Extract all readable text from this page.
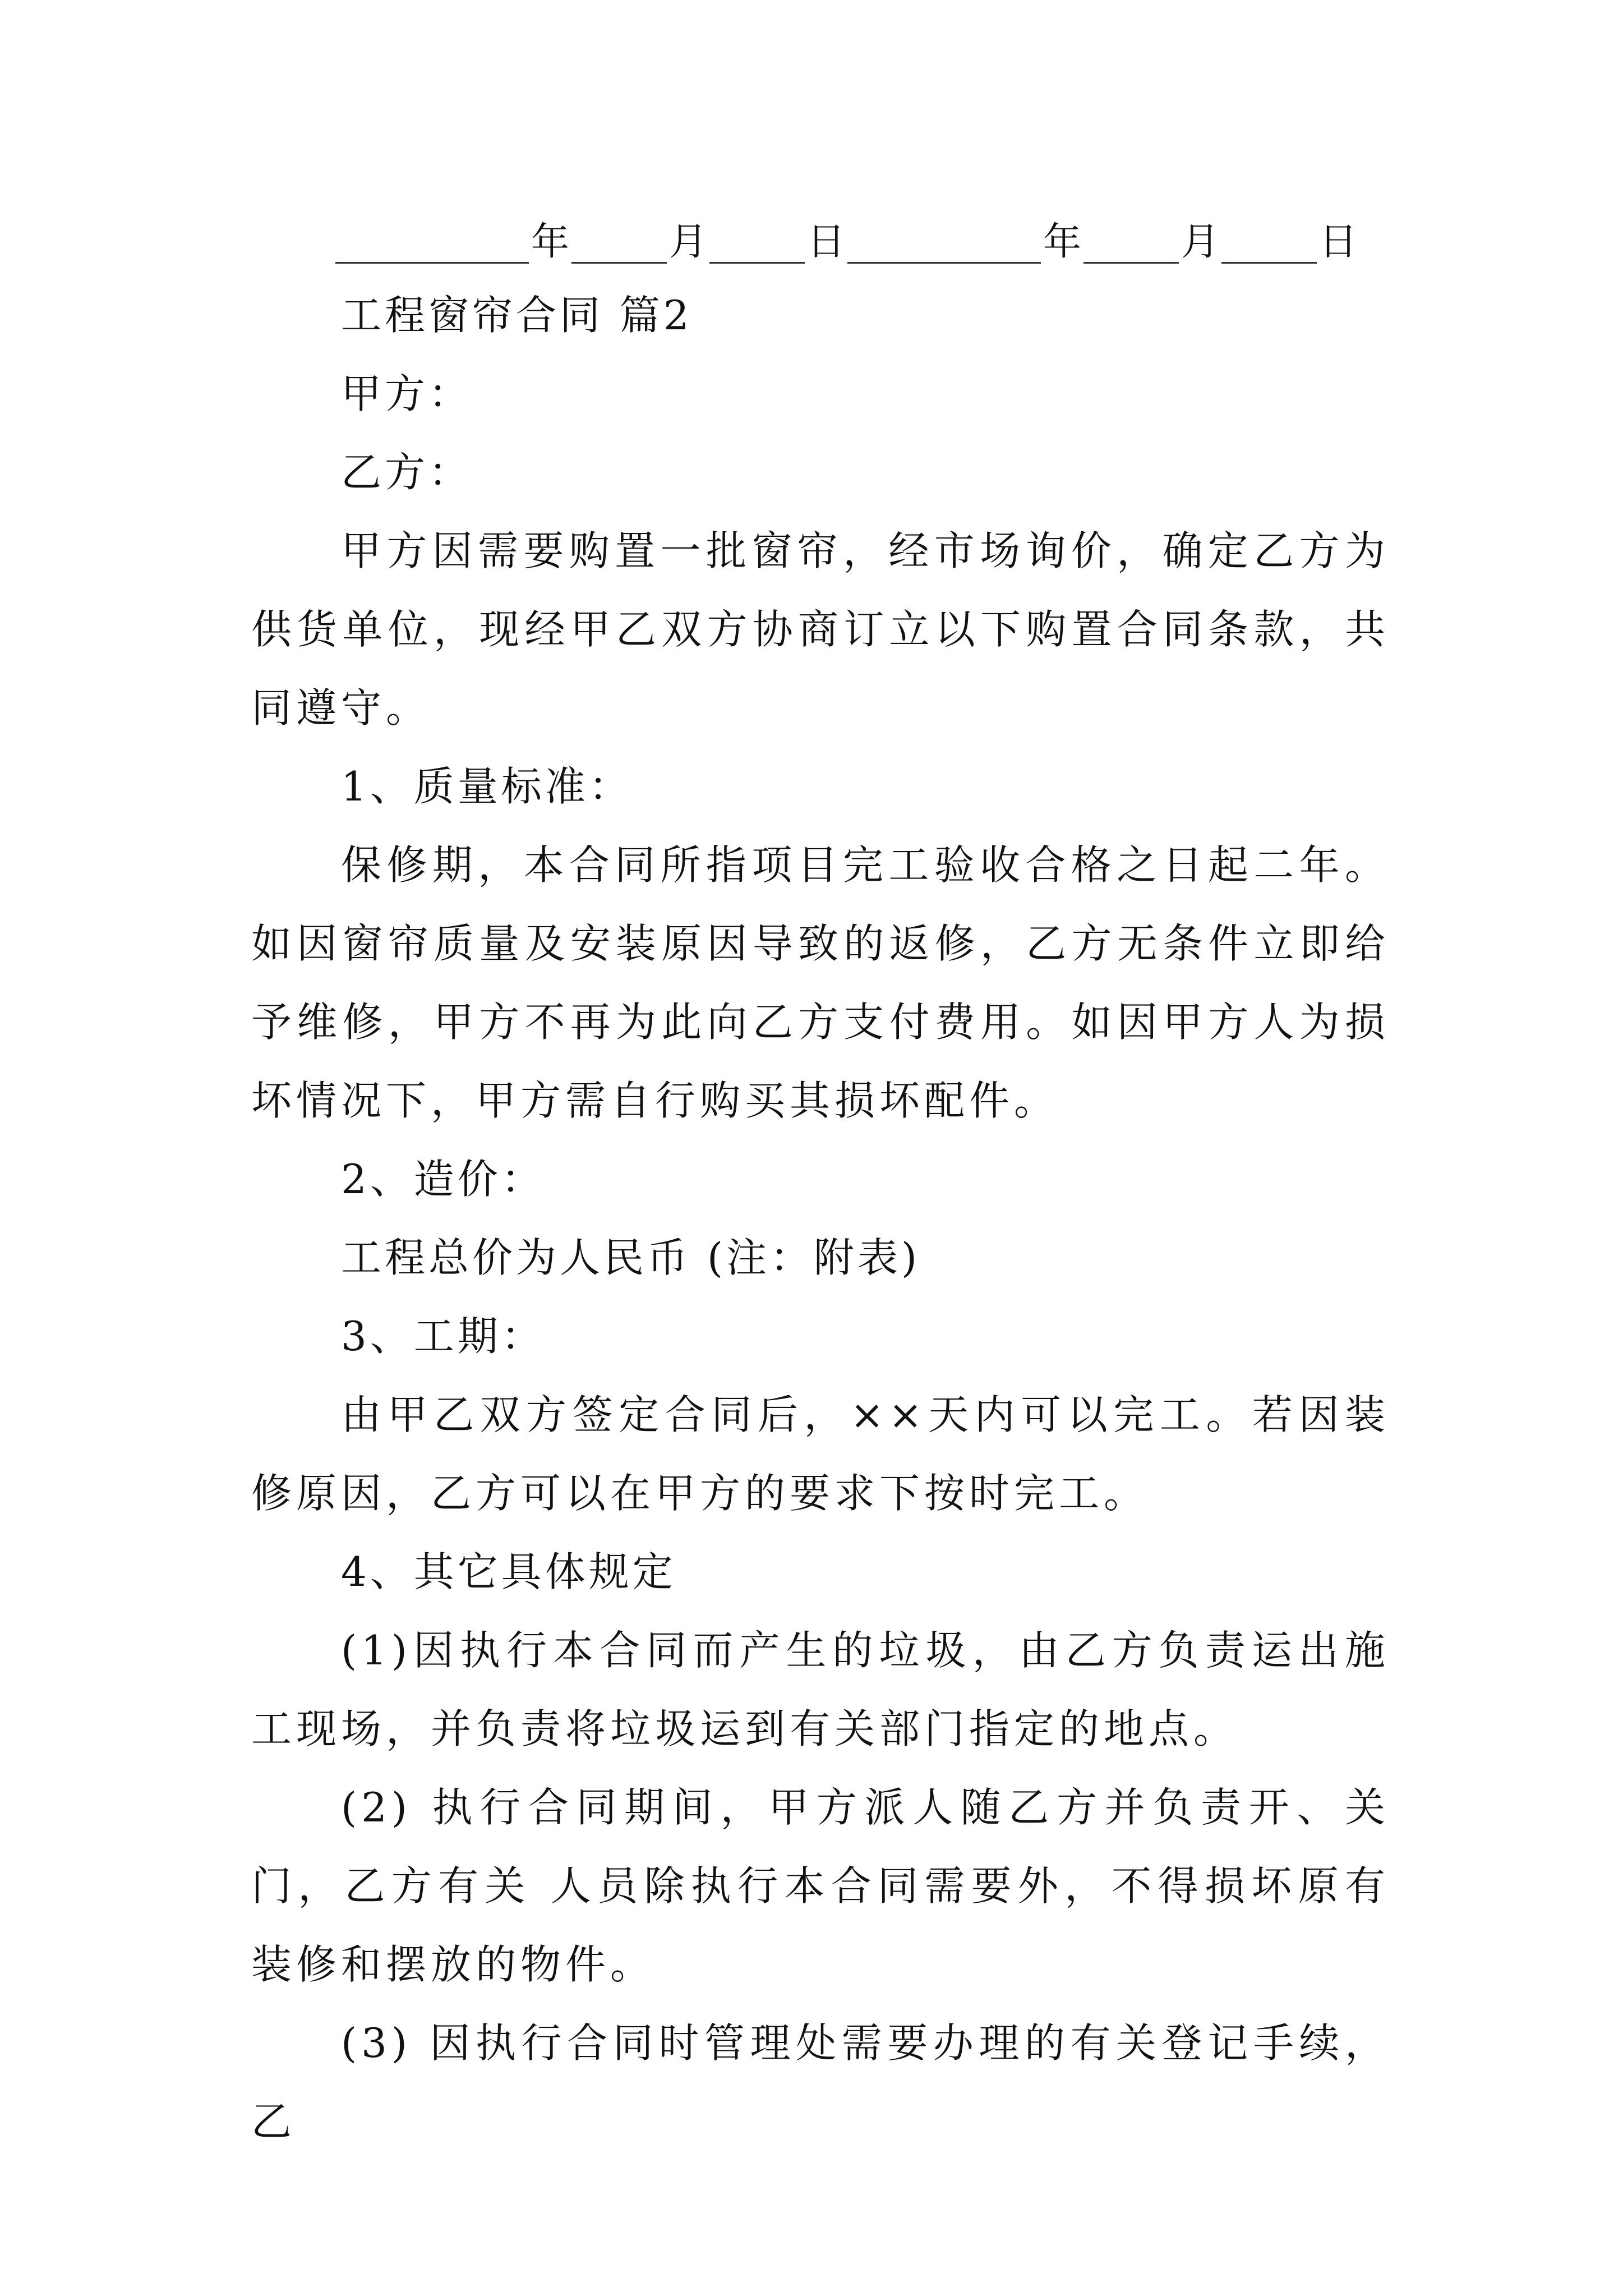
年	月	日	年	月	日
工程窗帘合同 篇2
甲方：
乙方：

甲方因需要购置一批窗帘，经市场询价，确定乙方为供货单位，现经甲乙双方协商订立以下购置合同条款，共同遵守。

1、质量标准：

保修期，本合同所指项目完工验收合格之日起二年。如因窗帘质量及安装原因导致的返修，乙方无条件立即给予维修，甲方不再为此向乙方支付费用。如因甲方人为损坏情况下，甲方需自行购买其损坏配件。

2、造价：
工程总价为人民币 (注：附表)
3、工期：

由甲乙双方签定合同后，××天内可以完工。若因装修原因，乙方可以在甲方的要求下按时完工。

4、其它具体规定

(1)因执行本合同而产生的垃圾，由乙方负责运出施工现场，并负责将垃圾运到有关部门指定的地点。

(2) 执行合同期间，甲方派人随乙方并负责开、关门，乙方有关 人员除执行本合同需要外，不得损坏原有装修和摆放的物件。

(3) 因执行合同时管理处需要办理的有关登记手续，乙
